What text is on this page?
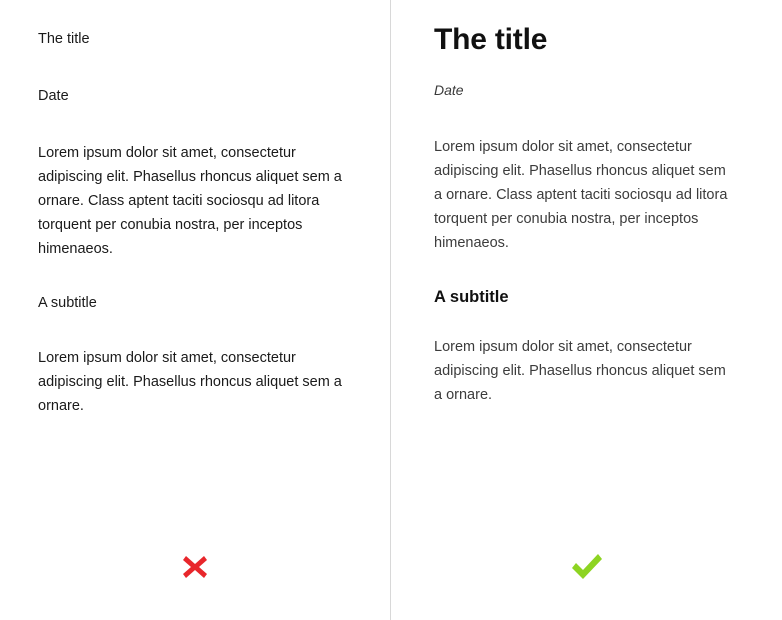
The title

Date

Lorem ipsum dolor sit amet, consectetur adipiscing elit. Phasellus rhoncus aliquet sem a ornare. Class aptent taciti sociosqu ad litora torquent per conubia nostra, per inceptos himenaeos.

A subtitle

Lorem ipsum dolor sit amet, consectetur adipiscing elit. Phasellus rhoncus aliquet sem a ornare.

The title

Date

Lorem ipsum dolor sit amet, consectetur adipiscing elit. Phasellus rhoncus aliquet sem a ornare. Class aptent taciti sociosqu ad litora torquent per conubia nostra, per inceptos himenaeos.

A subtitle

Lorem ipsum dolor sit amet, consectetur adipiscing elit. Phasellus rhoncus aliquet sem a ornare.
